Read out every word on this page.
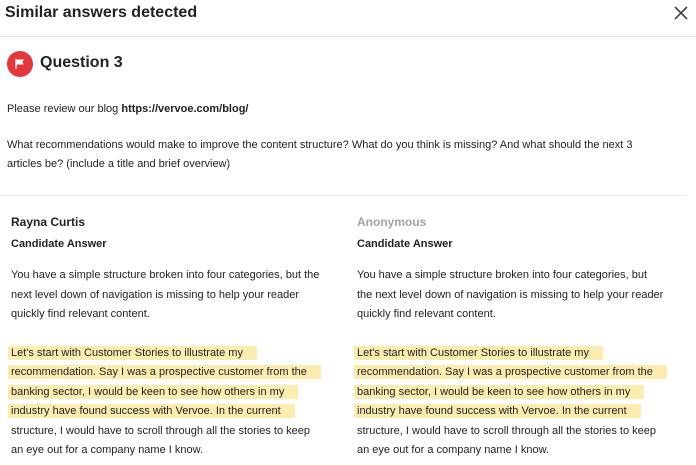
Similar answers detected
Question 3
Please review our blog https://vervoe.com/blog/
What recommendations would make to improve the content structure? What do you think is missing? And what should the next 3 articles be? (include a title and brief overview)
Rayna Curtis
Candidate Answer
You have a simple structure broken into four categories, but the
next level down of navigation is missing to help your reader
quickly find relevant content.
Let's start with Customer Stories to illustrate my
recommendation. Say I was a prospective customer from the
banking sector, I would be keen to see how others in my
industry have found success with Vervoe. In the current
structure, I would have to scroll through all the stories to keep
an eye out for a company name I know.
Anonymous
Candidate Answer
You have a simple structure broken into four categories, but
the next level down of navigation is missing to help your reader
quickly find relevant content.
Let's start with Customer Stories to illustrate my
recommendation. Say I was a prospective customer from the
banking sector, I would be keen to see how others in my
industry have found success with Vervoe. In the current
structure, I would have to scroll through all the stories to keep
an eye out for a company name I know.
